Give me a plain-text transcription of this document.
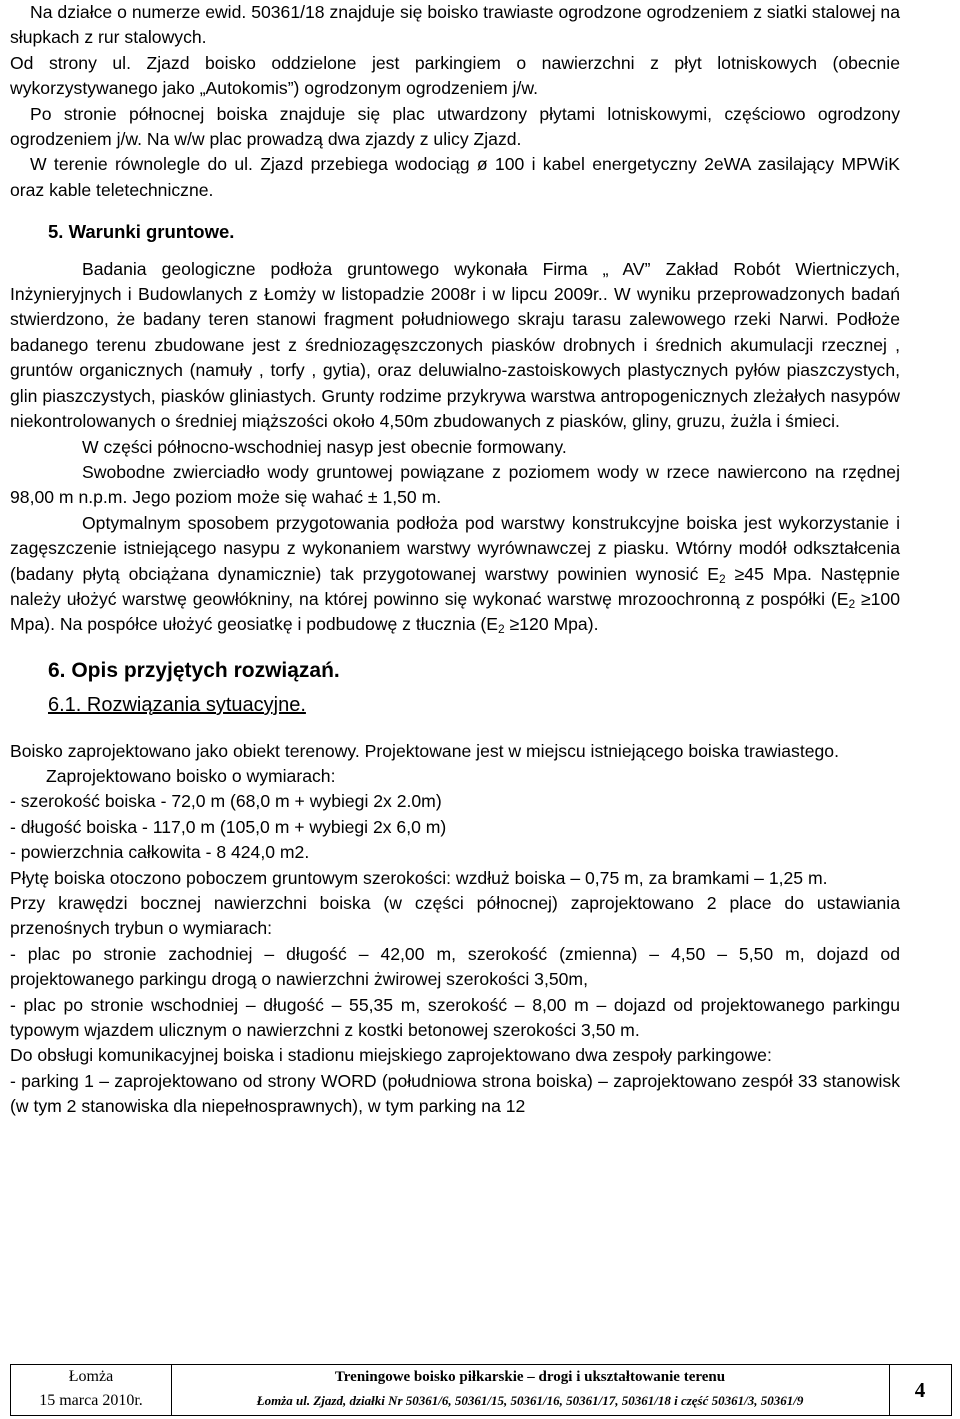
Na działce o numerze ewid. 50361/18 znajduje się boisko trawiaste ogrodzone ogrodzeniem z siatki stalowej na słupkach z rur stalowych.

Od strony ul. Zjazd boisko oddzielone jest parkingiem o nawierzchni z płyt lotniskowych (obecnie wykorzystywanego jako „Autokomis”) ogrodzonym ogrodzeniem j/w.

Po stronie północnej boiska znajduje się plac utwardzony płytami lotniskowymi, częściowo ogrodzony ogrodzeniem j/w. Na w/w plac prowadzą dwa zjazdy z ulicy Zjazd.

W terenie równolegle do ul. Zjazd przebiega wodociąg ø 100 i kabel energetyczny 2eWA zasilający MPWiK oraz kable teletechniczne.

5. Warunki gruntowe.

Badania geologiczne podłoża gruntowego wykonała Firma „ AV” Zakład Robót Wiertniczych, Inżynieryjnych i Budowlanych z Łomży w listopadzie 2008r i w lipcu 2009r.. W wyniku przeprowadzonych badań stwierdzono, że badany teren stanowi fragment południowego skraju tarasu zalewowego rzeki Narwi. Podłoże badanego terenu zbudowane jest z średniozagęszczonych piasków drobnych i średnich akumulacji rzecznej , gruntów organicznych (namuły , torfy , gytia), oraz deluwialno-zastoiskowych plastycznych pyłów piaszczystych, glin piaszczystych, piasków gliniastych. Grunty rodzime przykrywa warstwa antropogenicznych zleżałych nasypów niekontrolowanych o średniej miąższości około 4,50m zbudowanych z piasków, gliny, gruzu, żużla i śmieci.

W części północno-wschodniej nasyp jest obecnie formowany.

Swobodne zwierciadło wody gruntowej powiązane z poziomem wody w rzece nawiercono na rzędnej 98,00 m n.p.m. Jego poziom może się wahać ± 1,50 m.

Optymalnym sposobem przygotowania podłoża pod warstwy konstrukcyjne boiska jest wykorzystanie i zagęszczenie istniejącego nasypu z wykonaniem warstwy wyrównawczej z piasku. Wtórny modół odkształcenia (badany płytą obciążana dynamicznie) tak przygotowanej warstwy powinien wynosić $E_2 \ge 45$ Mpa. Następnie należy ułożyć warstwę geowłókniny, na której powinno się wykonać warstwę mrozoochronną z pospółki ($E_2 \ge 100$ Mpa). Na pospółce ułożyć geosiatkę i podbudowę z tłucznia ($E_2 \ge 120$ Mpa).

6. Opis przyjętych rozwiązań.
6.1. Rozwiązania sytuacyjne.

Boisko zaprojektowano jako obiekt terenowy. Projektowane jest w miejscu istniejącego boiska trawiastego.

Zaprojektowano boisko o wymiarach:

- szerokość boiska - 72,0 m (68,0 m + wybiegi 2x 2.0m)
- długość boiska - 117,0 m (105,0 m + wybiegi 2x 6,0 m)
- powierzchnia całkowita - 8 424,0 m2.

Płytę boiska otoczono poboczem gruntowym szerokości: wzdłuż boiska – 0,75 m, za bramkami – 1,25 m.

Przy krawędzi bocznej nawierzchni boiska (w części północnej) zaprojektowano 2 place do ustawiania przenośnych trybun o wymiarach:

- plac po stronie zachodniej – długość – 42,00 m, szerokość (zmienna) – 4,50 – 5,50 m, dojazd od projektowanego parkingu drogą o nawierzchni żwirowej szerokości 3,50m,

- plac po stronie wschodniej – długość – 55,35 m, szerokość – 8,00 m – dojazd od projektowanego parkingu typowym wjazdem ulicznym o nawierzchni z kostki betonowej szerokości 3,50 m.

Do obsługi komunikacyjnej boiska i stadionu miejskiego zaprojektowano dwa zespoły parkingowe:

- parking 1 – zaprojektowano od strony WORD (południowa strona boiska) – zaprojektowano zespół 33 stanowisk (w tym 2 stanowiska dla niepełnosprawnych), w tym parking na 12

Łomża
15 marca 2010r.
Treningowe boisko piłkarskie – drogi i ukształtowanie terenu
Łomża ul. Zjazd, działki Nr 50361/6, 50361/15, 50361/16, 50361/17, 50361/18 i część 50361/3, 50361/9	4
